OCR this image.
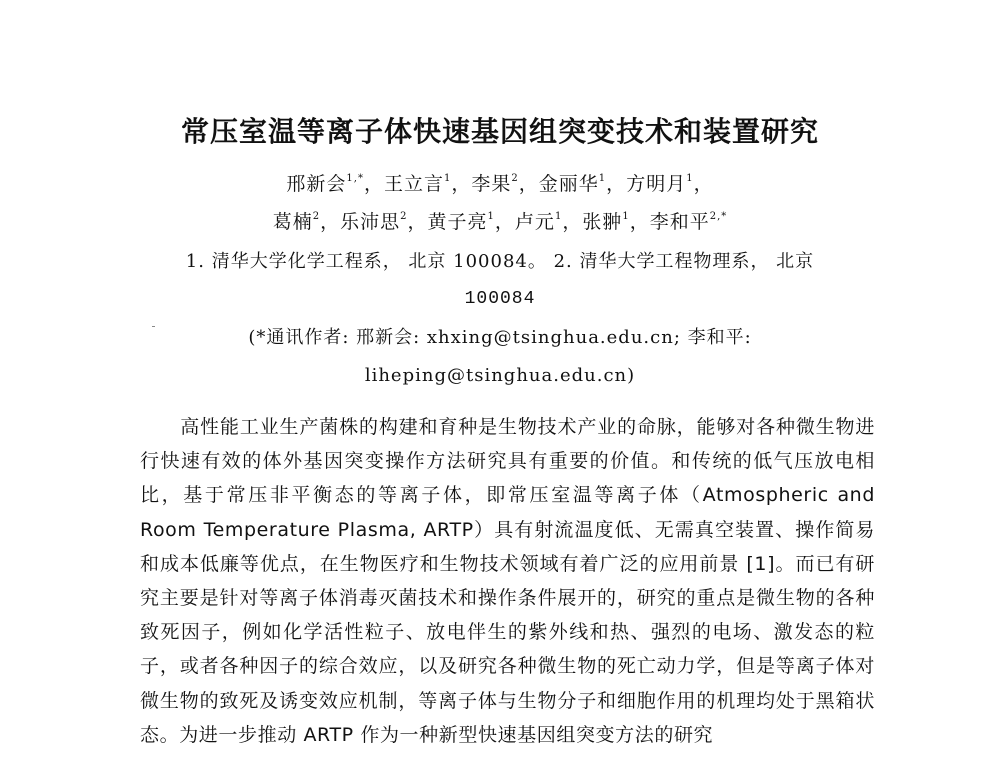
常压室温等离子体快速基因组突变技术和装置研究
邢新会$^{1,*}$，王立言$^1$，李果$^2$，金丽华$^1$，方明月$^1$，
葛楠$^2$，乐沛思$^2$，黄子亮$^1$，卢元$^1$，张翀$^1$，李和平$^{2,*}$
1. 清华大学化学工程系， 北京 100084。 2. 清华大学工程物理系， 北京
100084
(*通讯作者: 邢新会: xhxing@tsinghua.edu.cn; 李和平:
liheping@tsinghua.edu.cn)
高性能工业生产菌株的构建和育种是生物技术产业的命脉，能够对各种微生物进行快速有效的体外基因突变操作方法研究具有重要的价值。和传统的低气压放电相比，基于常压非平衡态的等离子体，即常压室温等离子体（Atmospheric and Room Temperature Plasma, ARTP）具有射流温度低、无需真空装置、操作简易和成本低廉等优点，在生物医疗和生物技术领域有着广泛的应用前景 [1]。而已有研究主要是针对等离子体消毒灭菌技术和操作条件展开的，研究的重点是微生物的各种致死因子，例如化学活性粒子、放电伴生的紫外线和热、强烈的电场、激发态的粒子，或者各种因子的综合效应，以及研究各种微生物的死亡动力学，但是等离子体对微生物的致死及诱变效应机制，等离子体与生物分子和细胞作用的机理均处于黑箱状态。为进一步推动 ARTP 作为一种新型快速基因组突变方法的研究
